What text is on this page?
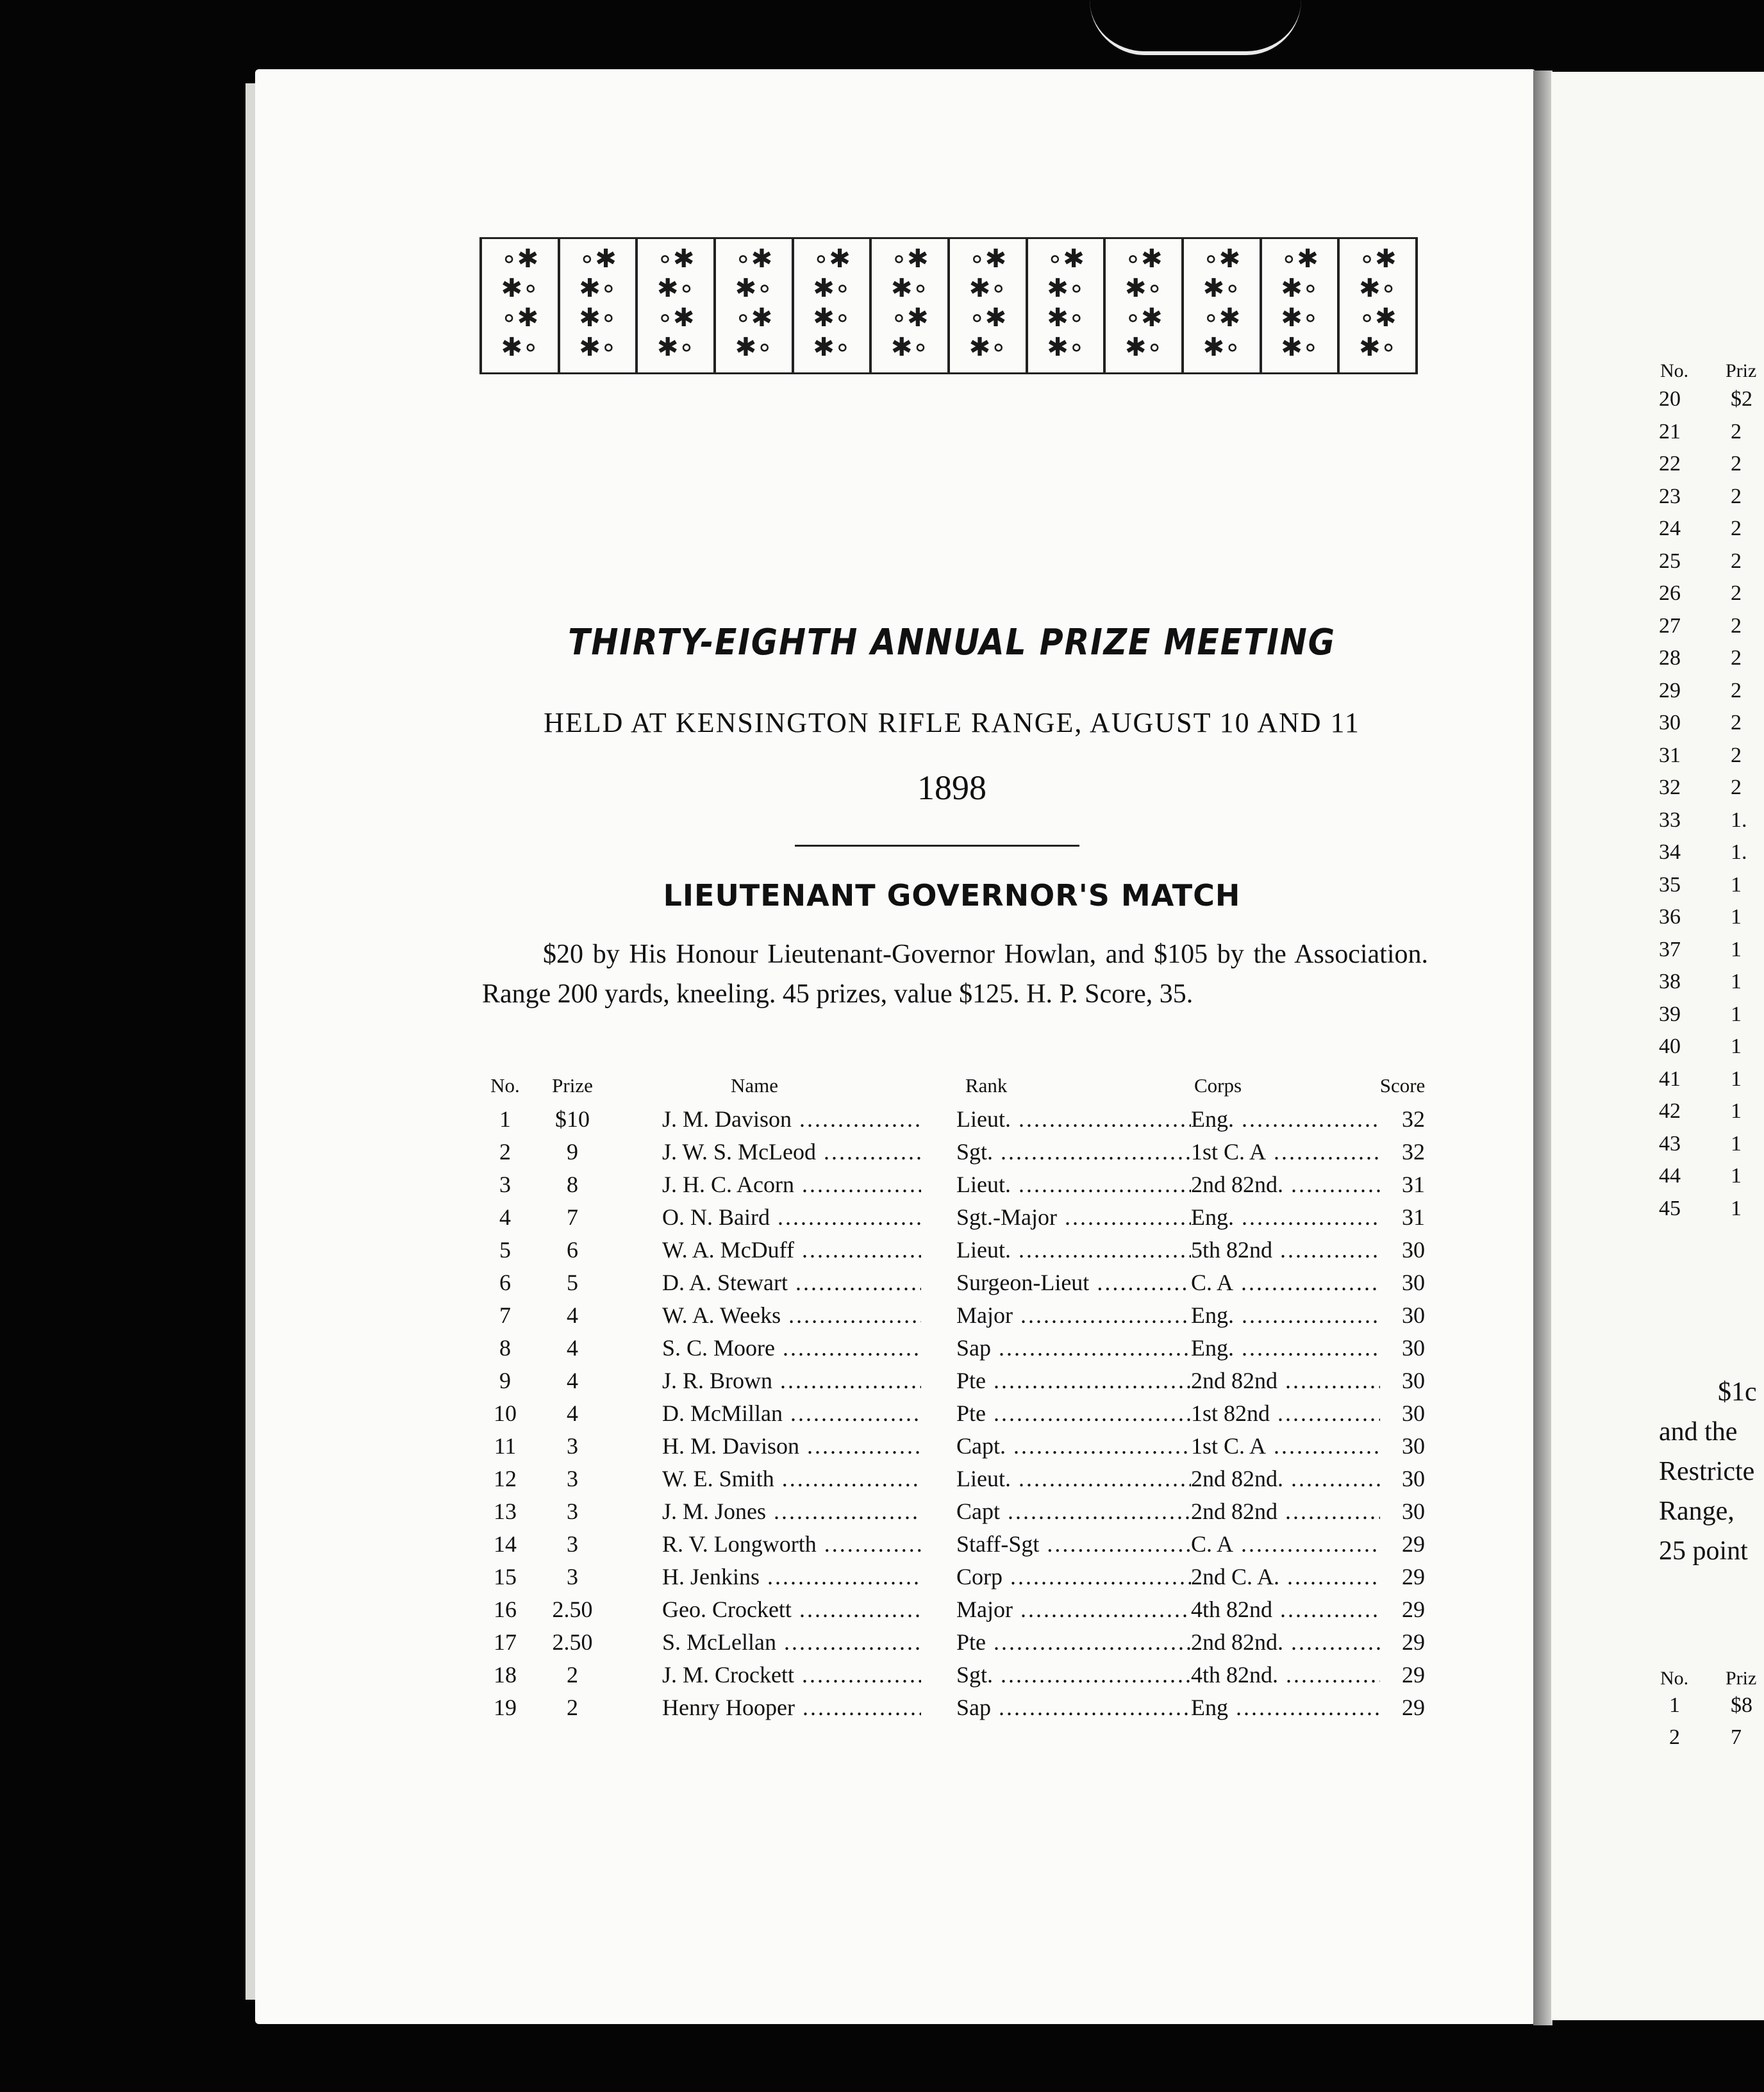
∘✱
✱∘
∘✱
✱∘
∘✱
✱∘
✱∘
✱∘
∘✱
✱∘
∘✱
✱∘
∘✱
✱∘
∘✱
✱∘
∘✱
✱∘
✱∘
✱∘
∘✱
✱∘
∘✱
✱∘
∘✱
✱∘
∘✱
✱∘
∘✱
✱∘
✱∘
✱∘
∘✱
✱∘
∘✱
✱∘
∘✱
✱∘
∘✱
✱∘
∘✱
✱∘
✱∘
✱∘
∘✱
✱∘
∘✱
✱∘
THIRTY-EIGHTH ANNUAL PRIZE MEETING
HELD AT KENSINGTON RIFLE RANGE, AUGUST 10 AND 11
1898
LIEUTENANT GOVERNOR'S MATCH
$20 by His Honour Lieutenant-Governor Howlan, and $105 by the Association. Range 200 yards, kneeling. 45 prizes, value $125. H. P. Score, 35.
No.	Prize	Name	Rank	Corps	Score
1	$10	J. M. Davison .....	Lieut. .....	Eng. .....	32
2	9	J. W. S. McLeod .....	Sgt. .....	1st C. A .....	32
3	8	J. H. C. Acorn .....	Lieut. .....	2nd 82nd. .....	31
4	7	O. N. Baird .....	Sgt.-Major .....	Eng. .....	31
5	6	W. A. McDuff .....	Lieut. .....	5th 82nd .....	30
6	5	D. A. Stewart .....	Surgeon-Lieut .....	C. A .....	30
7	4	W. A. Weeks .....	Major .....	Eng. .....	30
8	4	S. C. Moore .....	Sap .....	Eng. .....	30
9	4	J. R. Brown .....	Pte .....	2nd 82nd .....	30
10	4	D. McMillan .....	Pte .....	1st 82nd .....	30
11	3	H. M. Davison .....	Capt. .....	1st C. A .....	30
12	3	W. E. Smith .....	Lieut. .....	2nd 82nd. .....	30
13	3	J. M. Jones .....	Capt .....	2nd 82nd .....	30
14	3	R. V. Longworth .....	Staff-Sgt .....	C. A .....	29
15	3	H. Jenkins .....	Corp .....	2nd C. A. .....	29
16	2.50	Geo. Crockett .....	Major .....	4th 82nd .....	29
17	2.50	S. McLellan .....	Pte .....	2nd 82nd. .....	29
18	2	J. M. Crockett .....	Sgt. .....	4th 82nd. .....	29
19	2	Henry Hooper .....	Sap .....	Eng .....	29
No. Priz
20 $2
21 2
22 2
23 2
24 2
25 2
26 2
27 2
28 2
29 2
30 2
31 2
32 2
33 1.
34 1.
35 1
36 1
37 1
38 1
39 1
40 1
41 1
42 1
43 1
44 1
45 1
$1c
and the
Restricte
Range,
25 point
No. Priz
1 $8
2 7
